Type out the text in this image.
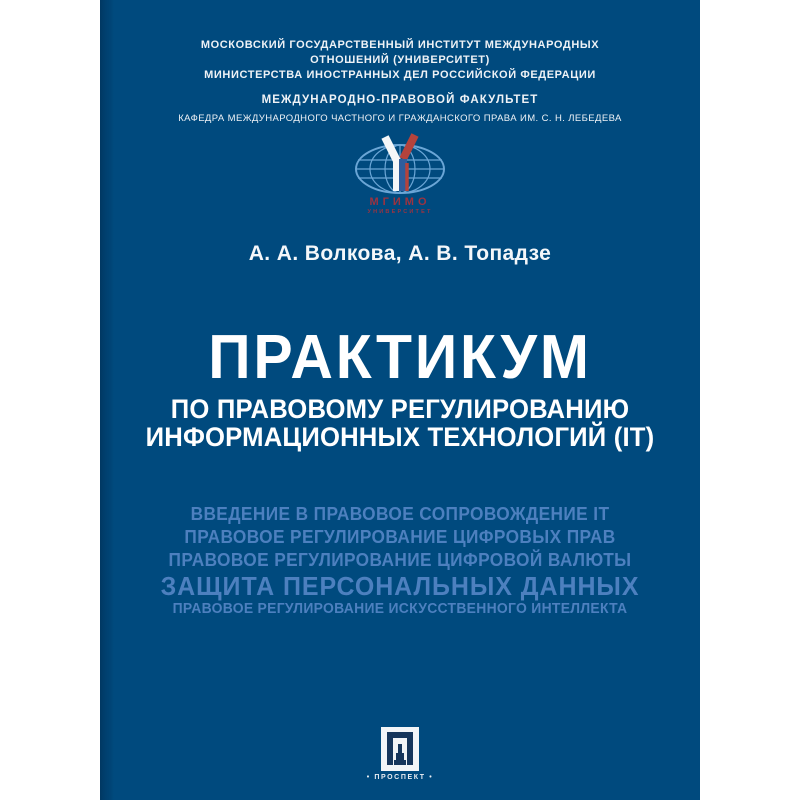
МОСКОВСКИЙ ГОСУДАРСТВЕННЫЙ ИНСТИТУТ МЕЖДУНАРОДНЫХ
ОТНОШЕНИЙ (УНИВЕРСИТЕТ)
МИНИСТЕРСТВА ИНОСТРАННЫХ ДЕЛ РОССИЙСКОЙ ФЕДЕРАЦИИ
МЕЖДУНАРОДНО-ПРАВОВОЙ ФАКУЛЬТЕТ
КАФЕДРА МЕЖДУНАРОДНОГО ЧАСТНОГО И ГРАЖДАНСКОГО ПРАВА ИМ. С. Н. ЛЕБЕДЕВА
МГИМО
УНИВЕРСИТЕТ
А. А. Волкова, А. В. Топадзе
ПРАКТИКУМ
ПО ПРАВОВОМУ РЕГУЛИРОВАНИЮ
ИНФОРМАЦИОННЫХ ТЕХНОЛОГИЙ (IT)
ВВЕДЕНИЕ В ПРАВОВОЕ СОПРОВОЖДЕНИЕ IT
ПРАВОВОЕ РЕГУЛИРОВАНИЕ ЦИФРОВЫХ ПРАВ
ПРАВОВОЕ РЕГУЛИРОВАНИЕ ЦИФРОВОЙ ВАЛЮТЫ
ЗАЩИТА ПЕРСОНАЛЬНЫХ ДАННЫХ
ПРАВОВОЕ РЕГУЛИРОВАНИЕ ИСКУССТВЕННОГО ИНТЕЛЛЕКТА
• ПРОСПЕКТ •
